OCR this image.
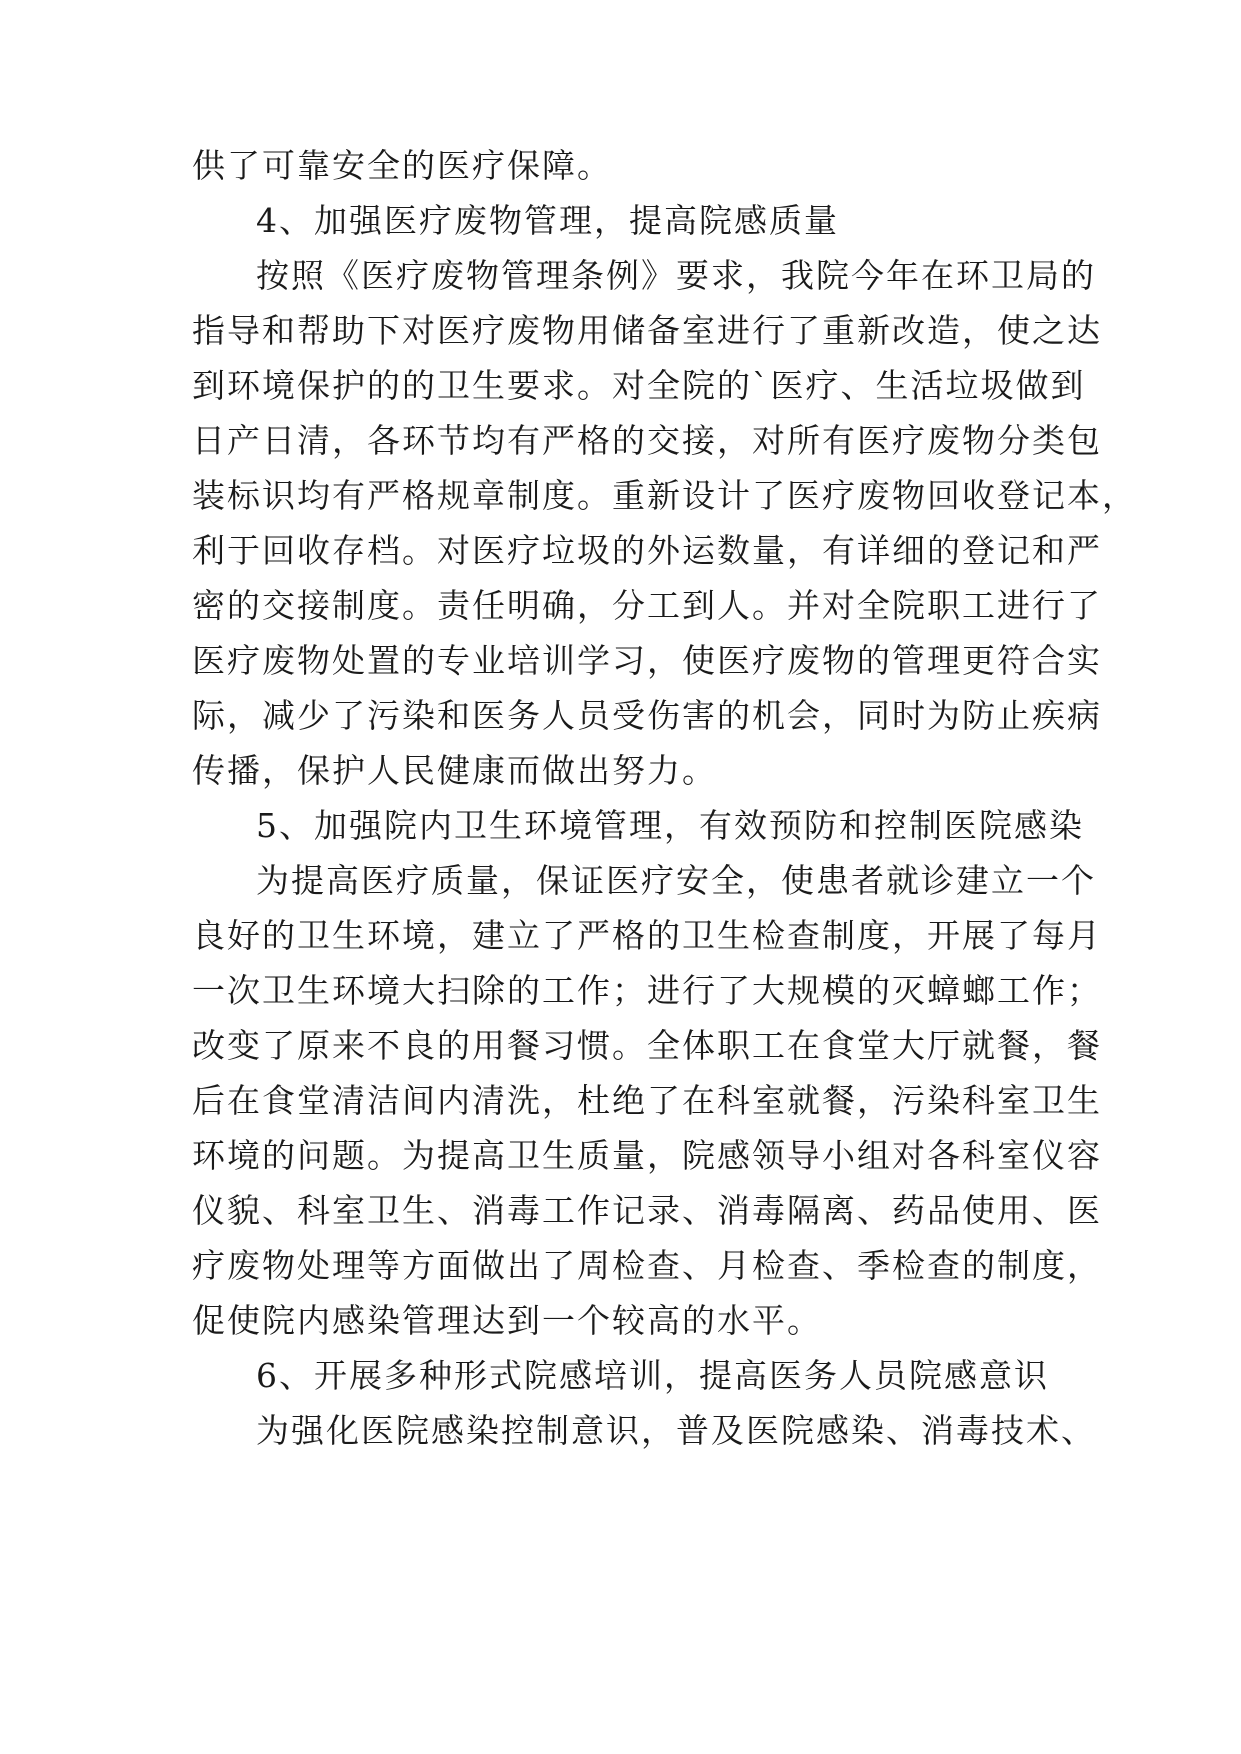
供了可靠安全的医疗保障。

4、加强医疗废物管理，提高院感质量

按照《医疗废物管理条例》要求，我院今年在环卫局的

指导和帮助下对医疗废物用储备室进行了重新改造，使之达

到环境保护的的卫生要求。对全院的`医疗、生活垃圾做到

日产日清，各环节均有严格的交接，对所有医疗废物分类包

装标识均有严格规章制度。重新设计了医疗废物回收登记本，

利于回收存档。对医疗垃圾的外运数量，有详细的登记和严

密的交接制度。责任明确，分工到人。并对全院职工进行了

医疗废物处置的专业培训学习，使医疗废物的管理更符合实

际，减少了污染和医务人员受伤害的机会，同时为防止疾病

传播，保护人民健康而做出努力。

5、加强院内卫生环境管理，有效预防和控制医院感染

为提高医疗质量，保证医疗安全，使患者就诊建立一个

良好的卫生环境，建立了严格的卫生检查制度，开展了每月

一次卫生环境大扫除的工作；进行了大规模的灭蟑螂工作；

改变了原来不良的用餐习惯。全体职工在食堂大厅就餐，餐

后在食堂清洁间内清洗，杜绝了在科室就餐，污染科室卫生

环境的问题。为提高卫生质量，院感领导小组对各科室仪容

仪貌、科室卫生、消毒工作记录、消毒隔离、药品使用、医

疗废物处理等方面做出了周检查、月检查、季检查的制度，

促使院内感染管理达到一个较高的水平。

6、开展多种形式院感培训，提高医务人员院感意识

为强化医院感染控制意识，普及医院感染、消毒技术、
